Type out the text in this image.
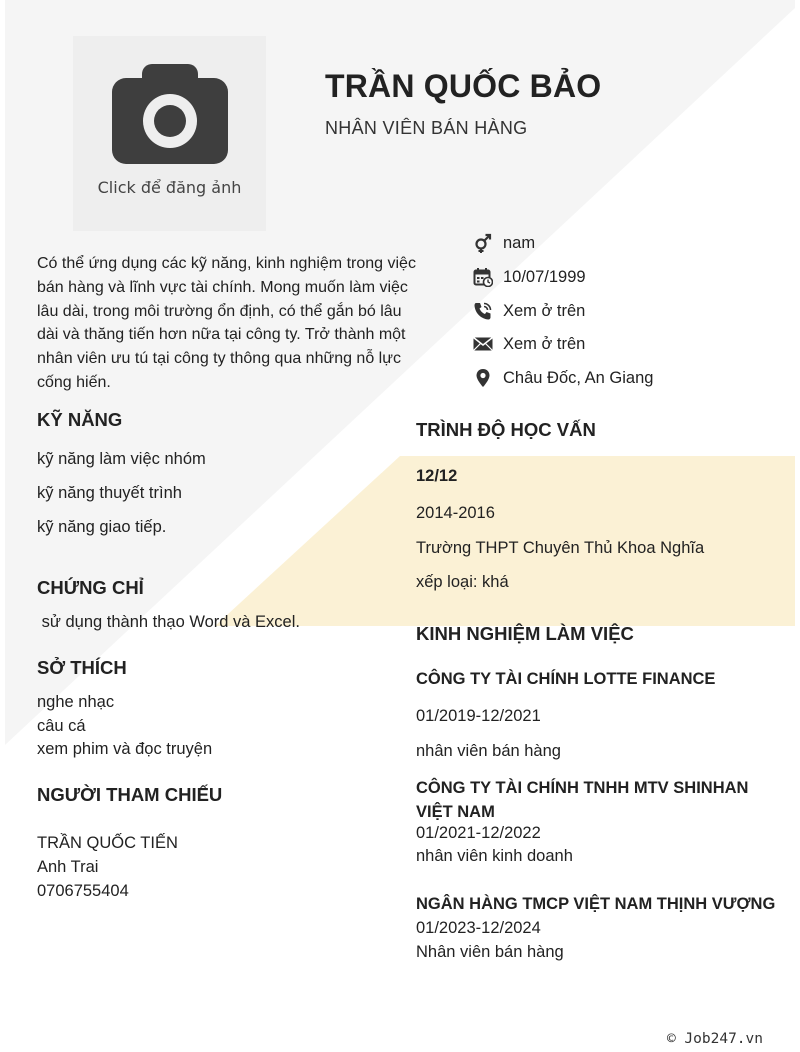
Click để đăng ảnh
TRẦN QUỐC BẢO
NHÂN VIÊN BÁN HÀNG
Có thể ứng dụng các kỹ năng, kinh nghiệm trong việc bán hàng và lĩnh vực tài chính. Mong muốn làm việc lâu dài, trong môi trường ổn định, có thể gắn bó lâu dài và thăng tiến hơn nữa tại công ty. Trở thành một nhân viên ưu tú tại công ty thông qua những nỗ lực cống hiến.
nam
10/07/1999
Xem ở trên
Xem ở trên
Châu Đốc, An Giang
KỸ NĂNG
kỹ năng làm việc nhóm
kỹ năng thuyết trình
kỹ năng giao tiếp.
CHỨNG CHỈ
sử dụng thành thạo Word và Excel.
SỞ THÍCH
nghe nhạc
câu cá
xem phim và đọc truyện
NGƯỜI THAM CHIẾU
TRẦN QUỐC TIẾN
Anh Trai
0706755404
TRÌNH ĐỘ HỌC VẤN
12/12
2014-2016
Trường THPT Chuyên Thủ Khoa Nghĩa
xếp loại: khá
KINH NGHIỆM LÀM VIỆC
CÔNG TY TÀI CHÍNH LOTTE FINANCE
01/2019-12/2021
nhân viên bán hàng
CÔNG TY TÀI CHÍNH TNHH MTV SHINHAN VIỆT NAM
01/2021-12/2022
nhân viên kinh doanh
NGÂN HÀNG TMCP VIỆT NAM THỊNH VƯỢNG
01/2023-12/2024
Nhân viên bán hàng
© Job247.vn
